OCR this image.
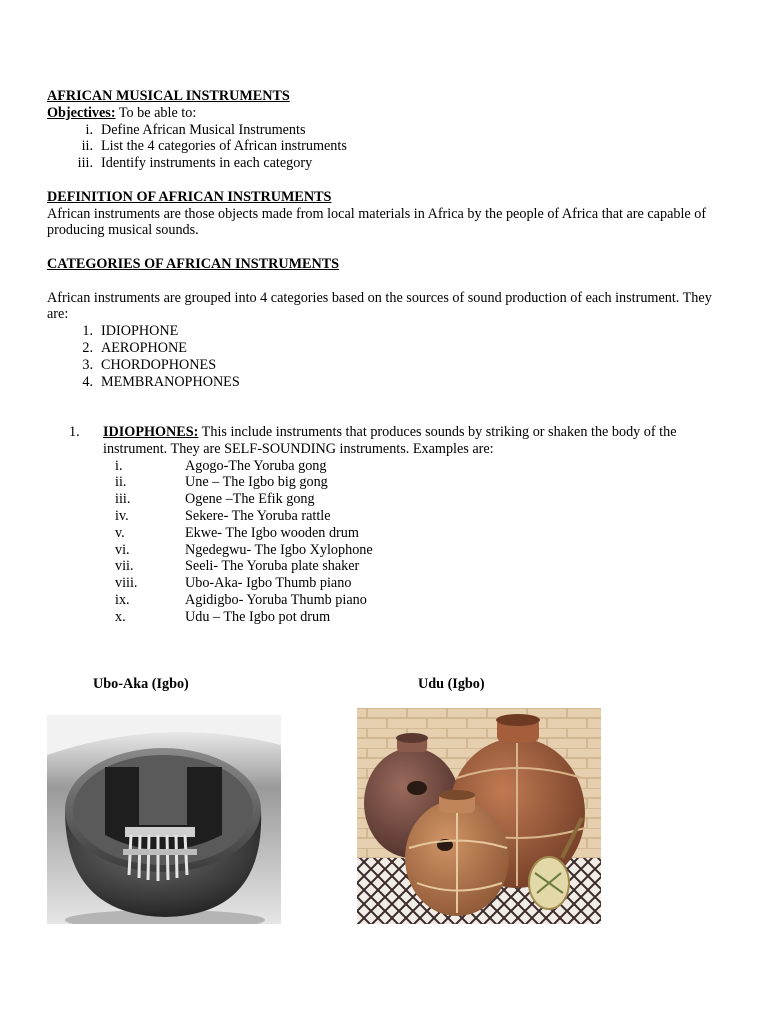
AFRICAN MUSICAL INSTRUMENTS
Objectives: To be able to:
i. Define African Musical Instruments
ii. List the 4 categories of African instruments
iii. Identify instruments in each category
DEFINITION OF AFRICAN INSTRUMENTS
African instruments are those objects made from local materials in Africa by the people of Africa that are capable of producing musical sounds.
CATEGORIES OF AFRICAN INSTRUMENTS
African instruments are grouped into 4 categories based on the sources of sound production of each instrument. They are:
1. IDIOPHONE
2. AEROPHONE
3. CHORDOPHONES
4. MEMBRANOPHONES
1.	IDIOPHONES: This include instruments that produces sounds by striking or shaken the body of the instrument. They are SELF-SOUNDING instruments. Examples are:
i.	Agogo-The Yoruba gong
ii.	Une – The Igbo big gong
iii.	Ogene –The Efik gong
iv.	Sekere- The Yoruba rattle
v.	Ekwe- The Igbo wooden drum
vi.	Ngedegwu- The Igbo Xylophone
vii.	Seeli- The Yoruba plate shaker
viii.	Ubo-Aka- Igbo Thumb piano
ix.	Agidigbo- Yoruba Thumb piano
x.	Udu – The Igbo pot drum
Ubo-Aka (Igbo)	Udu (Igbo)
